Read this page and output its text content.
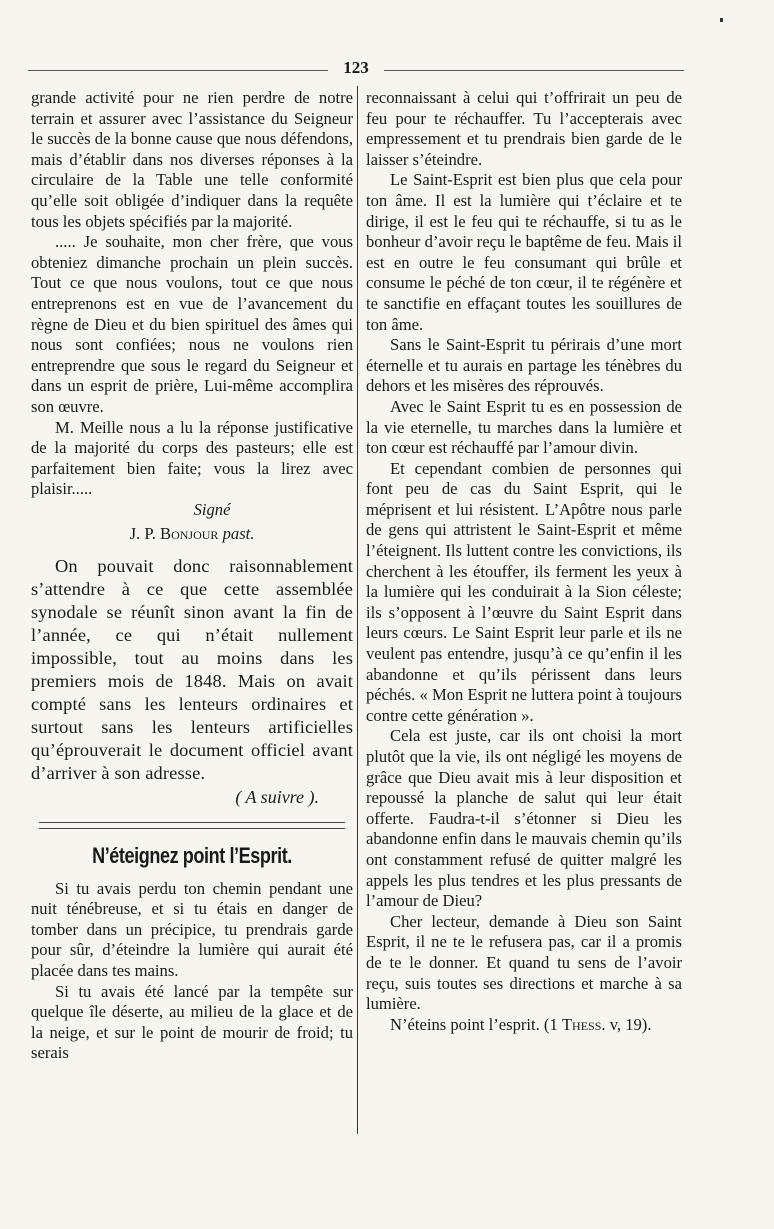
123

grande activité pour ne rien perdre de notre terrain et assurer avec l’assistance du Seigneur le succès de la bonne cause que nous défendons, mais d’établir dans nos diverses réponses à la circulaire de la Table une telle conformité qu’elle soit obligée d’indiquer dans la requête tous les objets spécifiés par la majorité.

..... Je souhaite, mon cher frère, que vous obteniez dimanche prochain un plein succès. Tout ce que nous voulons, tout ce que nous entreprenons est en vue de l’avancement du règne de Dieu et du bien spirituel des âmes qui nous sont confiées; nous ne voulons rien entreprendre que sous le regard du Seigneur et dans un esprit de prière, Lui-même accomplira son œuvre.

M. Meille nous a lu la réponse justificative de la majorité du corps des pasteurs; elle est parfaitement bien faite; vous la lirez avec plaisir.....

Signé

J. P. Bonjour past.

On pouvait donc raisonnablement s’attendre à ce que cette assemblée synodale se réunît sinon avant la fin de l’année, ce qui n’était nullement impossible, tout au moins dans les premiers mois de 1848. Mais on avait compté sans les lenteurs ordinaires et surtout sans les lenteurs artificielles qu’éprouverait le document officiel avant d’arriver à son adresse.

( A suivre ).

N’éteignez point l’Esprit.

Si tu avais perdu ton chemin pendant une nuit ténébreuse, et si tu étais en danger de tomber dans un précipice, tu prendrais garde pour sûr, d’éteindre la lumière qui aurait été placée dans tes mains.

Si tu avais été lancé par la tempête sur quelque île déserte, au milieu de la glace et de la neige, et sur le point de mourir de froid; tu serais

reconnaissant à celui qui t’offrirait un peu de feu pour te réchauffer. Tu l’accepterais avec empressement et tu prendrais bien garde de le laisser s’éteindre.

Le Saint-Esprit est bien plus que cela pour ton âme. Il est la lumière qui t’éclaire et te dirige, il est le feu qui te réchauffe, si tu as le bonheur d’avoir reçu le baptême de feu. Mais il est en outre le feu consumant qui brûle et consume le péché de ton cœur, il te régénère et te sanctifie en effaçant toutes les souillures de ton âme.

Sans le Saint-Esprit tu périrais d’une mort éternelle et tu aurais en partage les ténèbres du dehors et les misères des réprouvés.

Avec le Saint Esprit tu es en possession de la vie eternelle, tu marches dans la lumière et ton cœur est réchauffé par l’amour divin.

Et cependant combien de personnes qui font peu de cas du Saint Esprit, qui le méprisent et lui résistent. L’Apôtre nous parle de gens qui attristent le Saint-Esprit et même l’éteignent. Ils luttent contre les convictions, ils cherchent à les étouffer, ils ferment les yeux à la lumière qui les conduirait à la Sion céleste; ils s’opposent à l’œuvre du Saint Esprit dans leurs cœurs. Le Saint Esprit leur parle et ils ne veulent pas entendre, jusqu’à ce qu’enfin il les abandonne et qu’ils périssent dans leurs péchés. « Mon Esprit ne luttera point à toujours contre cette génération ».

Cela est juste, car ils ont choisi la mort plutôt que la vie, ils ont négligé les moyens de grâce que Dieu avait mis à leur disposition et repoussé la planche de salut qui leur était offerte. Faudra-t-il s’étonner si Dieu les abandonne enfin dans le mauvais chemin qu’ils ont constamment refusé de quitter malgré les appels les plus tendres et les plus pressants de l’amour de Dieu?

Cher lecteur, demande à Dieu son Saint Esprit, il ne te le refusera pas, car il a promis de te le donner. Et quand tu sens de l’avoir reçu, suis toutes ses directions et marche à sa lumière.

N’éteins point l’esprit. (1 Thess. v, 19).
